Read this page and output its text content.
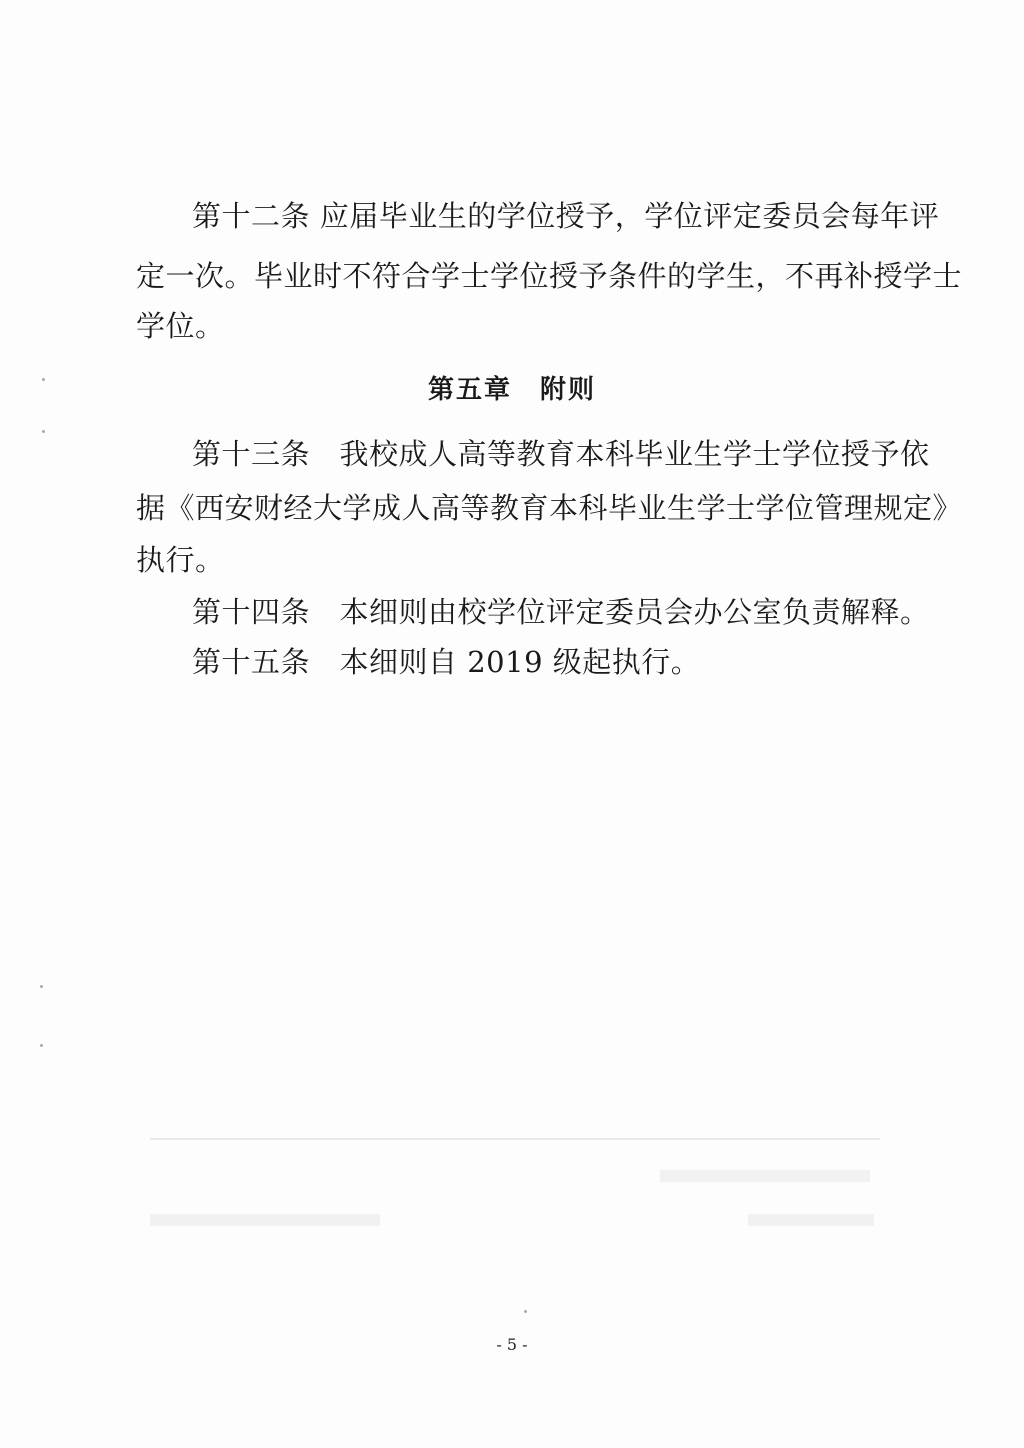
第十二条 应届毕业生的学位授予，学位评定委员会每年评
定一次。毕业时不符合学士学位授予条件的学生，不再补授学士
学位。
第五章　附则
第十三条　我校成人高等教育本科毕业生学士学位授予依
据《西安财经大学成人高等教育本科毕业生学士学位管理规定》
执行。
第十四条　本细则由校学位评定委员会办公室负责解释。
第十五条　本细则自 2019 级起执行。
- 5 -
